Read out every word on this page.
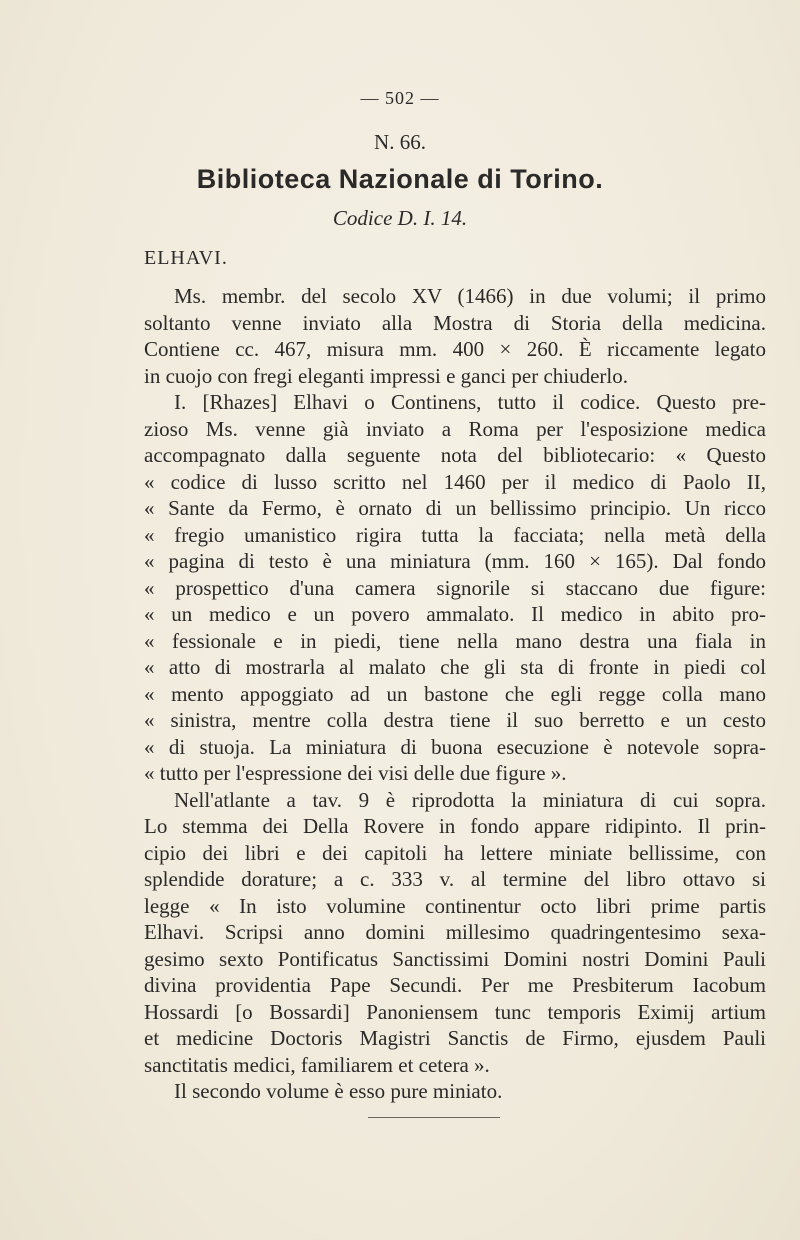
— 502 —
N. 66.
Biblioteca Nazionale di Torino.
Codice D. I. 14.
ELHAVI.
Ms. membr. del secolo XV (1466) in due volumi; il primo
soltanto venne inviato alla Mostra di Storia della medicina.
Contiene cc. 467, misura mm. 400 × 260. È riccamente legato
in cuojo con fregi eleganti impressi e ganci per chiuderlo.
I. [Rhazes] Elhavi o Continens, tutto il codice. Questo pre-
zioso Ms. venne già inviato a Roma per l'esposizione medica
accompagnato dalla seguente nota del bibliotecario: « Questo
« codice di lusso scritto nel 1460 per il medico di Paolo II,
« Sante da Fermo, è ornato di un bellissimo principio. Un ricco
« fregio umanistico rigira tutta la facciata; nella metà della
« pagina di testo è una miniatura (mm. 160 × 165). Dal fondo
« prospettico d'una camera signorile si staccano due figure:
« un medico e un povero ammalato. Il medico in abito pro-
« fessionale e in piedi, tiene nella mano destra una fiala in
« atto di mostrarla al malato che gli sta di fronte in piedi col
« mento appoggiato ad un bastone che egli regge colla mano
« sinistra, mentre colla destra tiene il suo berretto e un cesto
« di stuoja. La miniatura di buona esecuzione è notevole sopra-
« tutto per l'espressione dei visi delle due figure ».
Nell'atlante a tav. 9 è riprodotta la miniatura di cui sopra.
Lo stemma dei Della Rovere in fondo appare ridipinto. Il prin-
cipio dei libri e dei capitoli ha lettere miniate bellissime, con
splendide dorature; a c. 333 v. al termine del libro ottavo si
legge « In isto volumine continentur octo libri prime partis
Elhavi. Scripsi anno domini millesimo quadringentesimo sexa-
gesimo sexto Pontificatus Sanctissimi Domini nostri Domini Pauli
divina providentia Pape Secundi. Per me Presbiterum Iacobum
Hossardi [o Bossardi] Panoniensem tunc temporis Eximij artium
et medicine Doctoris Magistri Sanctis de Firmo, ejusdem Pauli
sanctitatis medici, familiarem et cetera ».
Il secondo volume è esso pure miniato.
